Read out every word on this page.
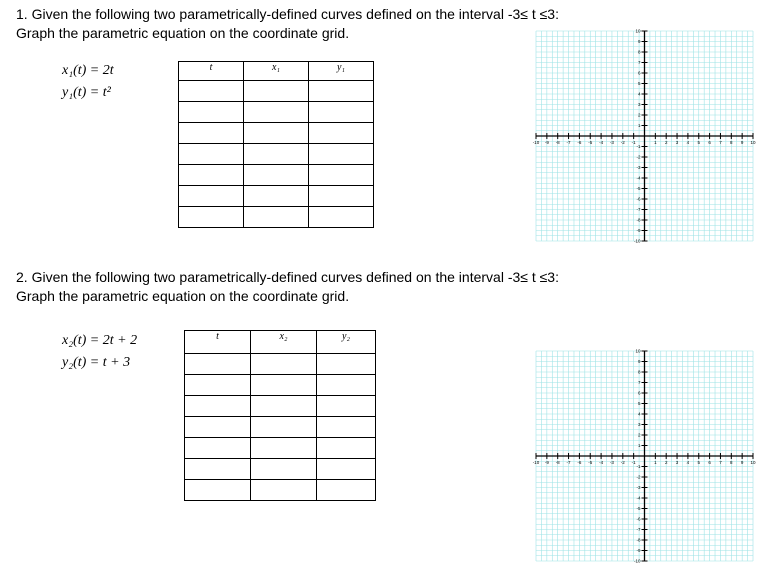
1. Given the following two parametrically-defined curves defined on the interval -3≤ t ≤3:

Graph the parametric equation on the coordinate grid.

x₁(t) = 2t
y₁(t) = t²
t	x₁	y₁

-10 -9 -8 -7 -6 -5 -4 -3 -2 -1	1 2 3 4 5 6 7 8 9 10
10
9
8
7
6
5
4
3
2
1
-1
-2
-3
-4
-5
-6
-7
-8
-9
-10

2. Given the following two parametrically-defined curves defined on the interval -3≤ t ≤3:

Graph the parametric equation on the coordinate grid.

x₂(t) = 2t + 2
y₂(t) = t + 3
t	x₂	y₂

-10 -9 -8 -7 -6 -5 -4 -3 -2 -1	1 2 3 4 5 6 7 8 9 10
10
9
8
7
6
5
4
3
2
1
-1
-2
-3
-4
-5
-6
-7
-8
-9
-10
